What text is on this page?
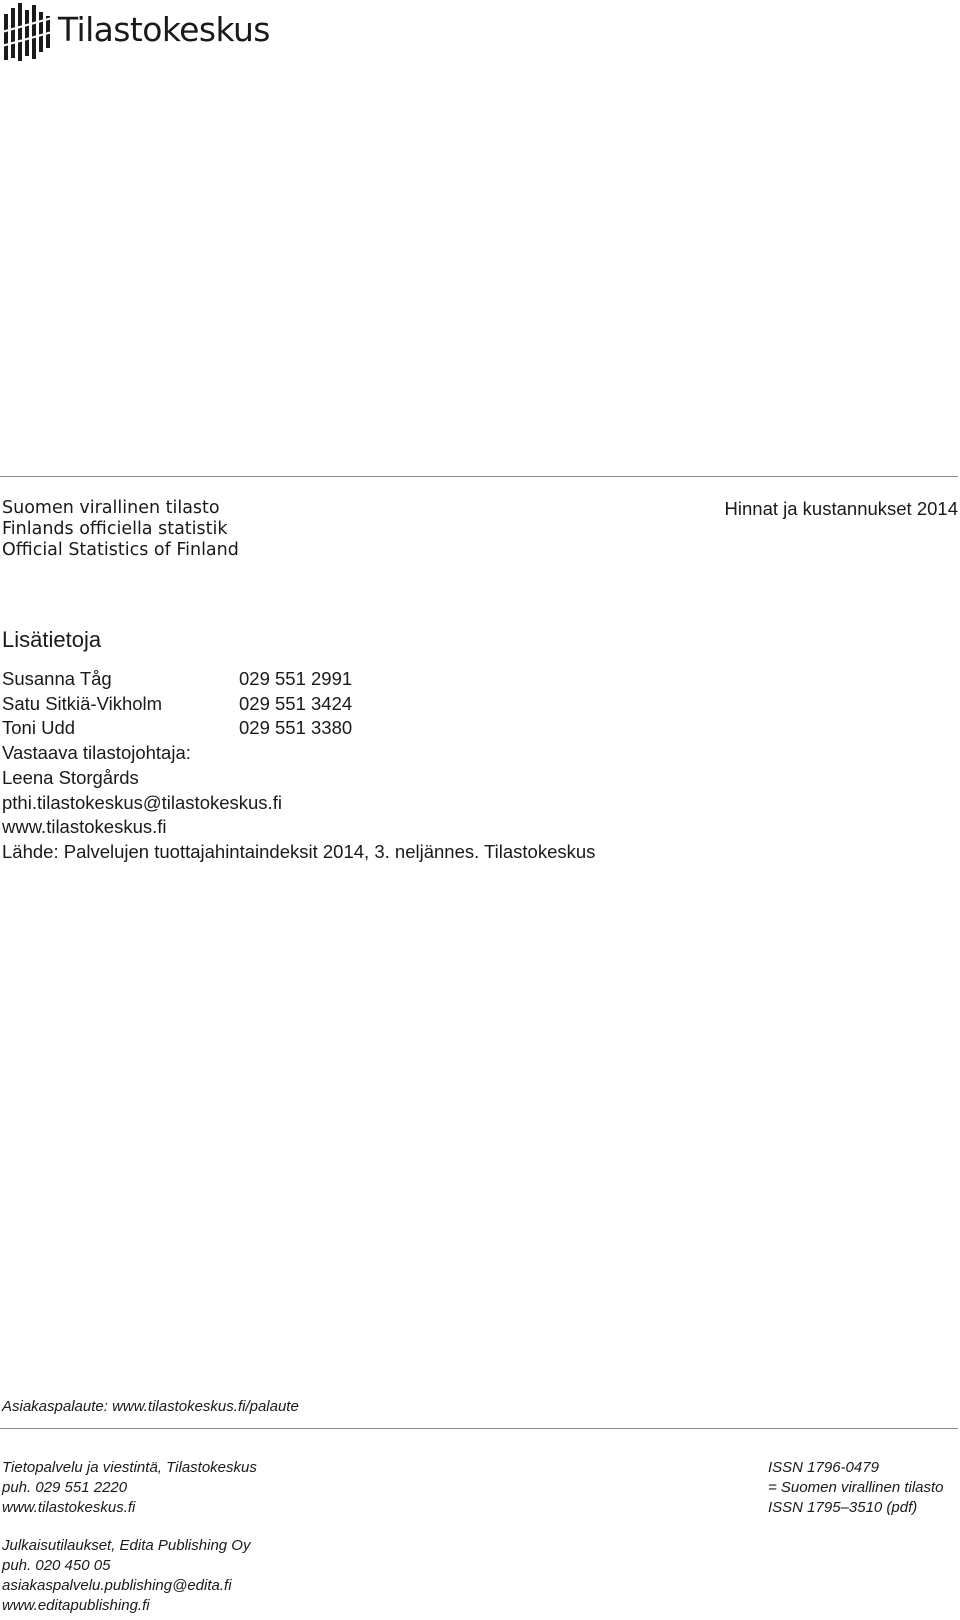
Tilastokeskus
Suomen virallinen tilasto
Finlands officiella statistik
Official Statistics of Finland
Hinnat ja kustannukset 2014
Lisätietoja
Susanna Tåg	029 551 2991
Satu Sitkiä-Vikholm	029 551 3424
Toni Udd	029 551 3380
Vastaava tilastojohtaja:
Leena Storgårds
pthi.tilastokeskus@tilastokeskus.fi
www.tilastokeskus.fi
Lähde: Palvelujen tuottajahintaindeksit 2014, 3. neljännes. Tilastokeskus
Asiakaspalaute: www.tilastokeskus.fi/palaute
Tietopalvelu ja viestintä, Tilastokeskus
puh. 029 551 2220
www.tilastokeskus.fi
ISSN 1796-0479
= Suomen virallinen tilasto
ISSN 1795–3510 (pdf)
Julkaisutilaukset, Edita Publishing Oy
puh. 020 450 05
asiakaspalvelu.publishing@edita.fi
www.editapublishing.fi
